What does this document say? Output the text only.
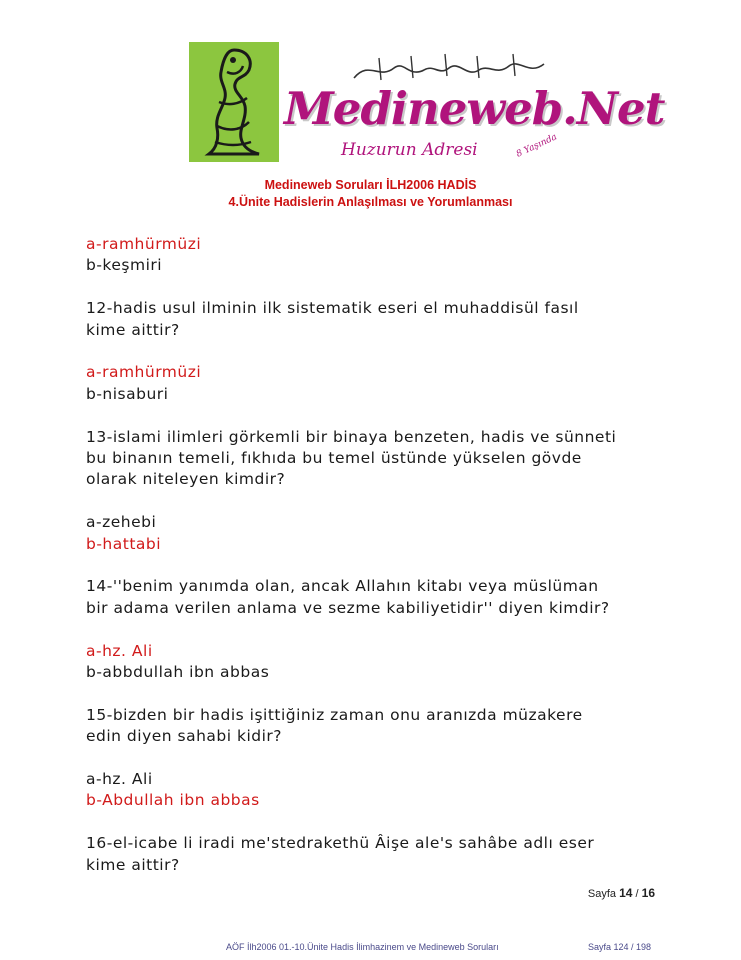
Medineweb.Net
Huzurun Adresi	8 Yaşında
Medineweb Soruları İLH2006 HADİS
4.Ünite Hadislerin Anlaşılması ve Yorumlanması

a-ramhürmüzi

b-keşmiri

12-hadis usul ilminin ilk sistematik eseri el muhaddisül fasıl

kime aittir?

a-ramhürmüzi

b-nisaburi

13-islami ilimleri görkemli bir binaya benzeten, hadis ve sünneti

bu binanın temeli, fıkhıda bu temel üstünde yükselen gövde

olarak niteleyen kimdir?

a-zehebi

b-hattabi

14-''benim yanımda olan, ancak Allahın kitabı veya müslüman

bir adama verilen anlama ve sezme kabiliyetidir'' diyen kimdir?

a-hz. Ali

b-abbdullah ibn abbas

15-bizden bir hadis işittiğiniz zaman onu aranızda müzakere

edin diyen sahabi kidir?

a-hz. Ali

b-Abdullah ibn abbas

16-el-icabe li iradi me'stedrakethü Âişe ale's sahâbe adlı eser

kime aittir?

Sayfa 14 / 16
AÖF İlh2006 01.-10.Ünite Hadis İlimhazinem ve Medineweb Soruları	Sayfa 124 / 198
